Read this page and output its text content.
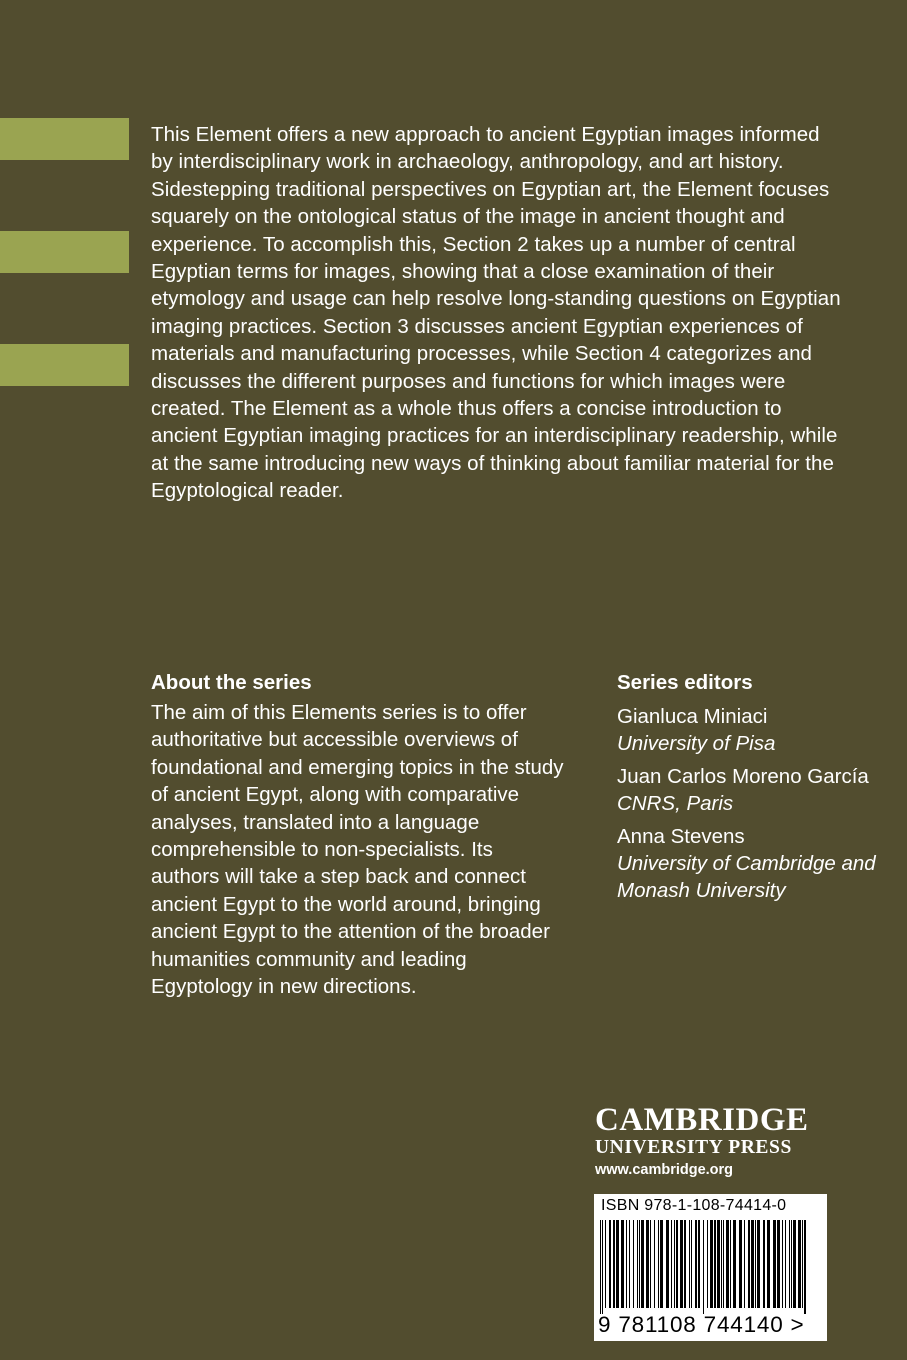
This Element offers a new approach to ancient Egyptian images informed by interdisciplinary work in archaeology, anthropology, and art history. Sidestepping traditional perspectives on Egyptian art, the Element focuses squarely on the ontological status of the image in ancient thought and experience. To accomplish this, Section 2 takes up a number of central Egyptian terms for images, showing that a close examination of their etymology and usage can help resolve long-standing questions on Egyptian imaging practices. Section 3 discusses ancient Egyptian experiences of materials and manufacturing processes, while Section 4 categorizes and discusses the different purposes and functions for which images were created. The Element as a whole thus offers a concise introduction to ancient Egyptian imaging practices for an interdisciplinary readership, while at the same introducing new ways of thinking about familiar material for the Egyptological reader.

About the series

The aim of this Elements series is to offer authoritative but accessible overviews of foundational and emerging topics in the study of ancient Egypt, along with comparative analyses, translated into a language comprehensible to non-specialists. Its authors will take a step back and connect ancient Egypt to the world around, bringing ancient Egypt to the attention of the broader humanities community and leading Egyptology in new directions.

Series editors
Gianluca Miniaci
University of Pisa
Juan Carlos Moreno García
CNRS, Paris
Anna Stevens
University of Cambridge and Monash University
CAMBRIDGE
UNIVERSITY PRESS
www.cambridge.org
ISBN 978-1-108-74414-0
9 781108 744140 >
